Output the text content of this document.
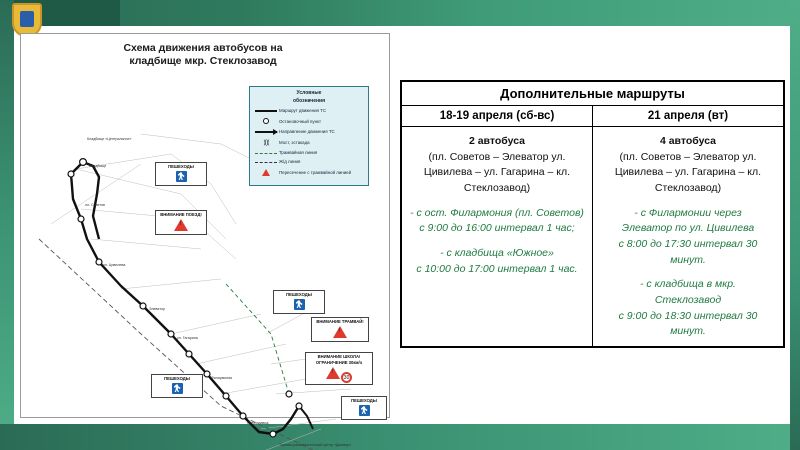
4
Схема движения автобусов на
кладбище мкр. Стеклозавод
Кладбище «Центральное»
Кладбище
пл. Советов
ул. Цивилева
Элеватор
ул. Гагарина
Филармония
Стеклозавод
Торгово-развлекательный центр «Джемир»
Условные
обозначения
Маршрут движения ТС
Остановочный пункт
Направление движения ТС
)( )(	Мост, эстакада
Трамвайная линия
Ж/д линия
Пересечение с трамвайной линией
ПЕШЕХОДЫ
ВНИМАНИЕ ПОЕЗД!
!
ПЕШЕХОДЫ
ВНИМАНИЕ ТРАМВАЙ!
!
ВНИМАНИЕ ШКОЛА!
ОГРАНИЧЕНИЕ 30км/ч
! 30
ПЕШЕХОДЫ
ПЕШЕХОДЫ
Дополнительные маршруты	
18-19 апреля (сб-вс)	21 апреля (вт)

2 автобуса

(пл. Советов – Элеватор ул.

Цивилева – ул. Гагарина – кл.

Стеклозавод)

- с ост. Филармония (пл. Советов)

с 9:00 до 16:00 интервал 1 час;

- с кладбища «Южное»

с 10:00 до 17:00 интервал 1 час.

4 автобуса

(пл. Советов – Элеватор ул.

Цивилева – ул. Гагарина – кл.

Стеклозавод)

- с Филармонии через

Элеватор по ул. Цивилева

с 8:00 до 17:30 интервал 30

минут.

- с кладбища в мкр.

Стеклозавод

с 9:00 до 18:30 интервал 30

минут.
